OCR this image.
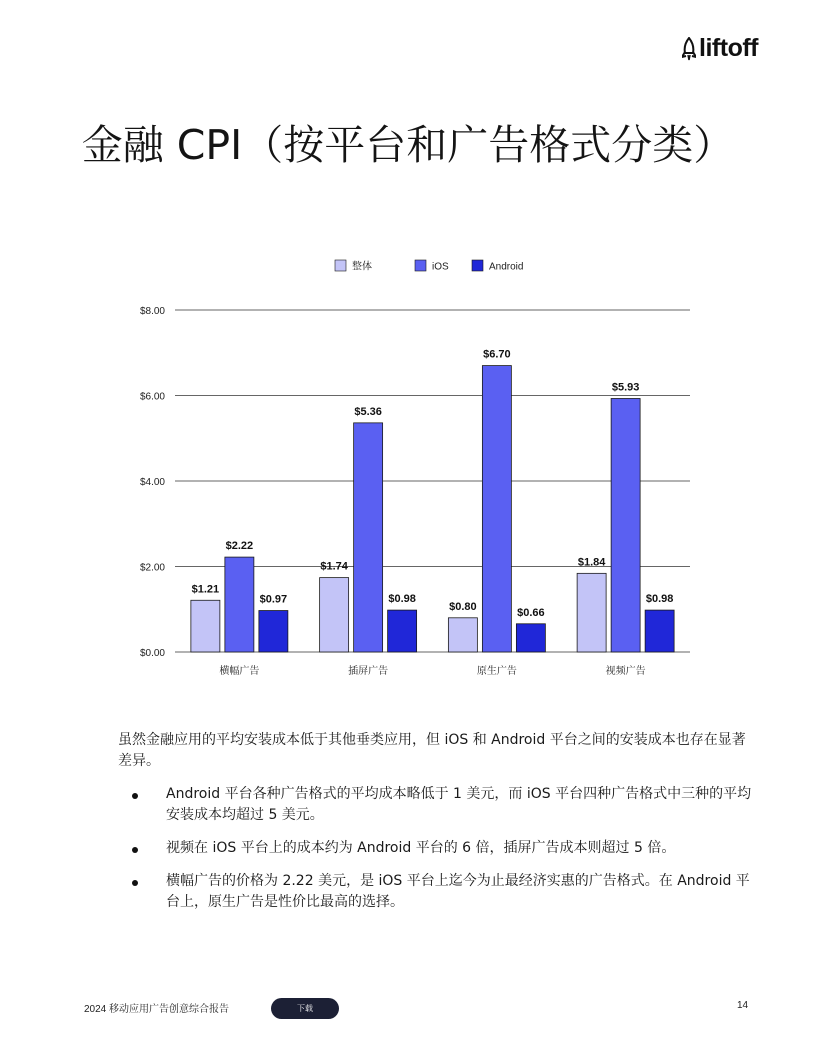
liftoff
金融 CPI（按平台和广告格式分类）
$0.00
$2.00
$4.00
$6.00
$8.00
$1.21
$2.22
$0.97
横幅广告
$1.74
$5.36
$0.98
插屏广告
$0.80
$6.70
$0.66
原生广告
$1.84
$5.93
$0.98
视频广告
整体	iOS	Android

虽然金融应用的平均安装成本低于其他垂类应用，但 iOS 和 Android 平台之间的安装成本也存在显著差异。

Android 平台各种广告格式的平均成本略低于 1 美元，而 iOS 平台四种广告格式中三种的平均安装成本均超过 5 美元。
视频在 iOS 平台上的成本约为 Android 平台的 6 倍，插屏广告成本则超过 5 倍。
横幅广告的价格为 2.22 美元，是 iOS 平台上迄今为止最经济实惠的广告格式。在 Android 平台上，原生广告是性价比最高的选择。
2024 移动应用广告创意综合报告	下载	14
